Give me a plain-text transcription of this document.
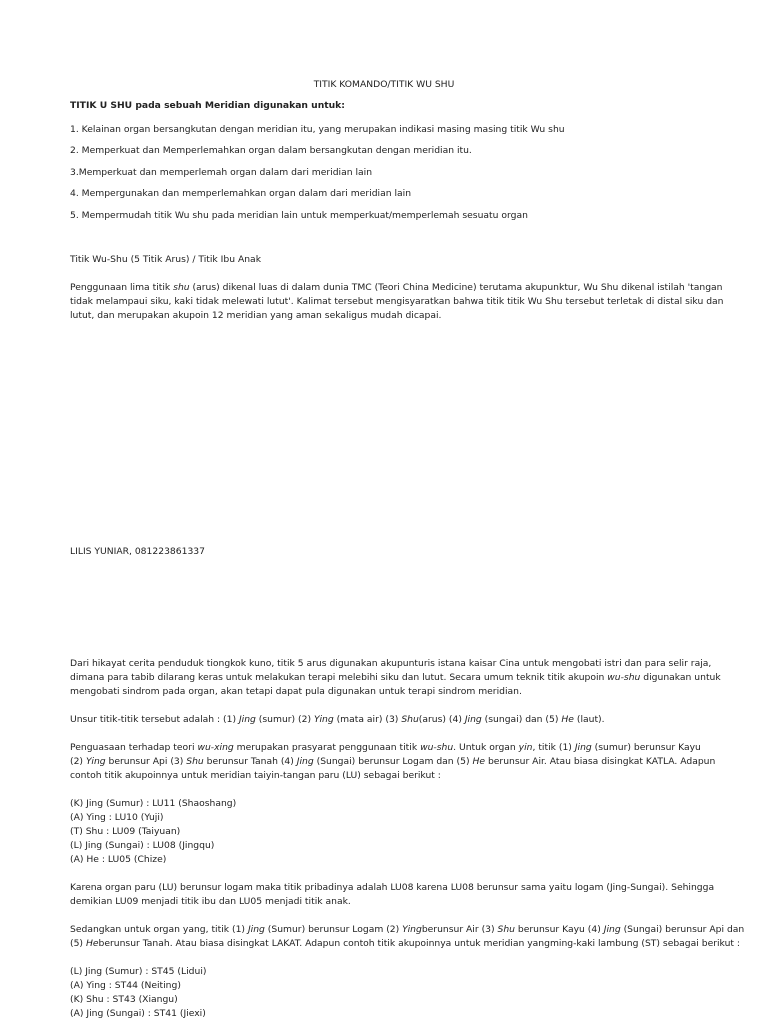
TITIK KOMANDO/TITIK WU SHU
TITIK U SHU pada sebuah Meridian digunakan untuk:
1. Kelainan organ bersangkutan dengan meridian itu, yang merupakan indikasi masing masing titik Wu shu
2. Memperkuat dan Memperlemahkan organ dalam bersangkutan dengan meridian itu.
3.Memperkuat dan memperlemah organ dalam dari meridian lain
4. Mempergunakan dan memperlemahkan organ dalam dari meridian lain
5. Mempermudah titik Wu shu pada meridian lain untuk memperkuat/memperlemah sesuatu organ
Titik Wu-Shu (5 Titik Arus) / Titik Ibu Anak
Penggunaan lima titik shu (arus) dikenal luas di dalam dunia TMC (Teori China Medicine) terutama akupunktur, Wu Shu dikenal istilah 'tangan
tidak melampaui siku, kaki tidak melewati lutut'. Kalimat tersebut mengisyaratkan bahwa titik titik Wu Shu tersebut terletak di distal siku dan
lutut, dan merupakan akupoin 12 meridian yang aman sekaligus mudah dicapai.
LILIS YUNIAR, 081223861337
Dari hikayat cerita penduduk tiongkok kuno, titik 5 arus digunakan akupunturis istana kaisar Cina untuk mengobati istri dan para selir raja,
dimana para tabib dilarang keras untuk melakukan terapi melebihi siku dan lutut. Secara umum teknik titik akupoin wu-shu digunakan untuk
mengobati sindrom pada organ, akan tetapi dapat pula digunakan untuk terapi sindrom meridian.
Unsur titik-titik tersebut adalah : (1) Jing (sumur) (2) Ying (mata air) (3) Shu(arus) (4) Jing (sungai) dan (5) He (laut).
Penguasaan terhadap teori wu-xing merupakan prasyarat penggunaan titik wu-shu. Untuk organ yin, titik (1) Jing (sumur) berunsur Kayu
(2) Ying berunsur Api (3) Shu berunsur Tanah (4) Jing (Sungai) berunsur Logam dan (5) He berunsur Air. Atau biasa disingkat KATLA. Adapun
contoh titik akupoinnya untuk meridian taiyin-tangan paru (LU) sebagai berikut :
(K) Jing (Sumur) : LU11 (Shaoshang)
(A) Ying : LU10 (Yuji)
(T) Shu : LU09 (Taiyuan)
(L) Jing (Sungai) : LU08 (Jingqu)
(A) He : LU05 (Chize)
Karena organ paru (LU) berunsur logam maka titik pribadinya adalah LU08 karena LU08 berunsur sama yaitu logam (Jing-Sungai). Sehingga
demikian LU09 menjadi titik ibu dan LU05 menjadi titik anak.
Sedangkan untuk organ yang, titik (1) Jing (Sumur) berunsur Logam (2) Yingberunsur Air (3) Shu berunsur Kayu (4) Jing (Sungai) berunsur Api dan
(5) Heberunsur Tanah. Atau biasa disingkat LAKAT. Adapun contoh titik akupoinnya untuk meridian yangming-kaki lambung (ST) sebagai berikut :
(L) Jing (Sumur) : ST45 (Lidui)
(A) Ying : ST44 (Neiting)
(K) Shu : ST43 (Xiangu)
(A) Jing (Sungai) : ST41 (Jiexi)
